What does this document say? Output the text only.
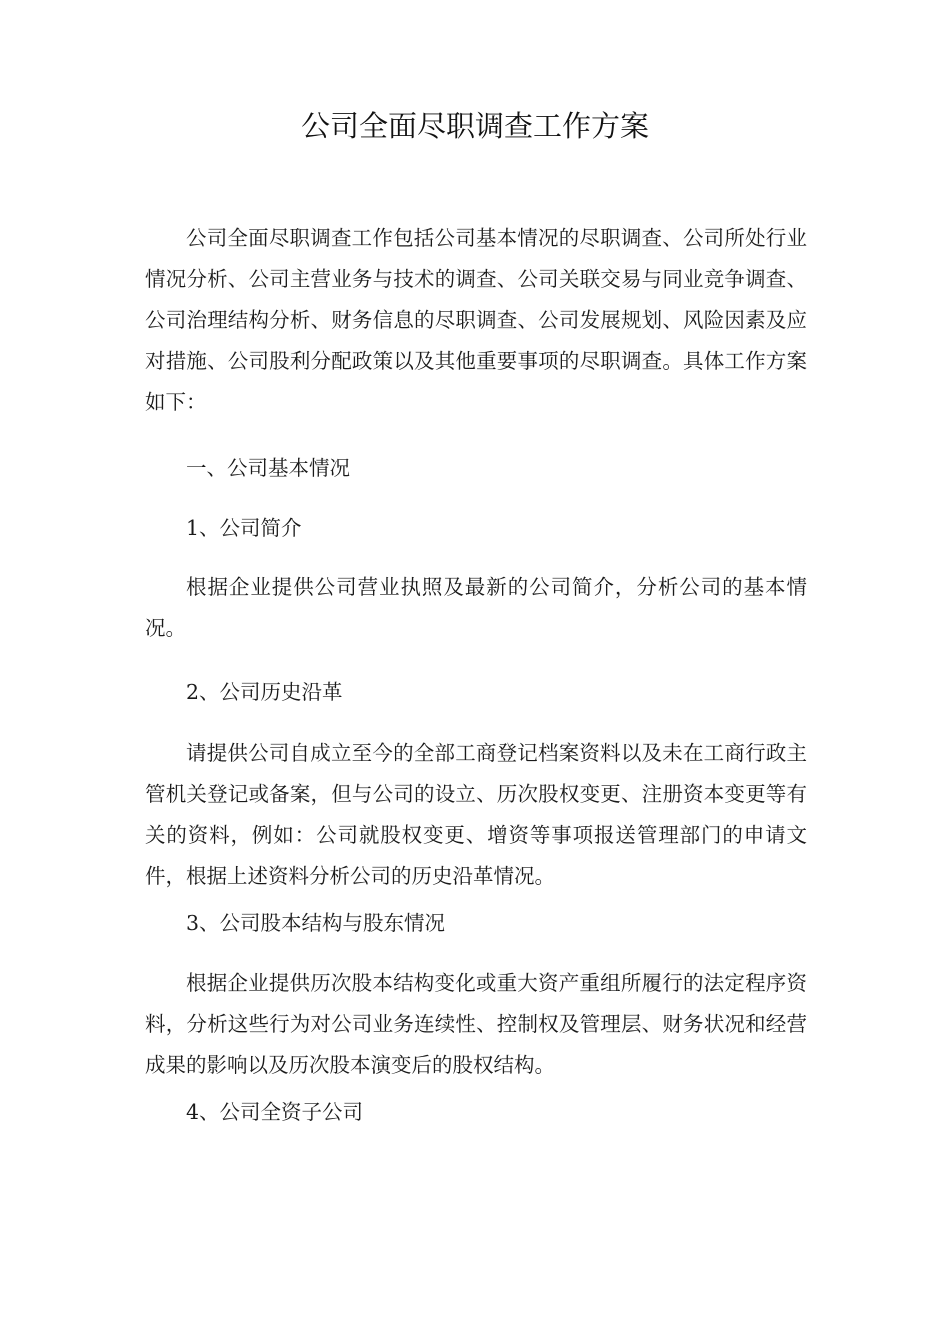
公司全面尽职调查工作方案

公司全面尽职调查工作包括公司基本情况的尽职调查、公司所处行业情况分析、公司主营业务与技术的调查、公司关联交易与同业竞争调查、公司治理结构分析、财务信息的尽职调查、公司发展规划、风险因素及应对措施、公司股利分配政策以及其他重要事项的尽职调查。具体工作方案如下：

一、公司基本情况

1、公司简介

根据企业提供公司营业执照及最新的公司简介，分析公司的基本情况。

2、公司历史沿革

请提供公司自成立至今的全部工商登记档案资料以及未在工商行政主管机关登记或备案，但与公司的设立、历次股权变更、注册资本变更等有关的资料，例如：公司就股权变更、增资等事项报送管理部门的申请文件，根据上述资料分析公司的历史沿革情况。

3、公司股本结构与股东情况

根据企业提供历次股本结构变化或重大资产重组所履行的法定程序资料，分析这些行为对公司业务连续性、控制权及管理层、财务状况和经营成果的影响以及历次股本演变后的股权结构。

4、公司全资子公司
